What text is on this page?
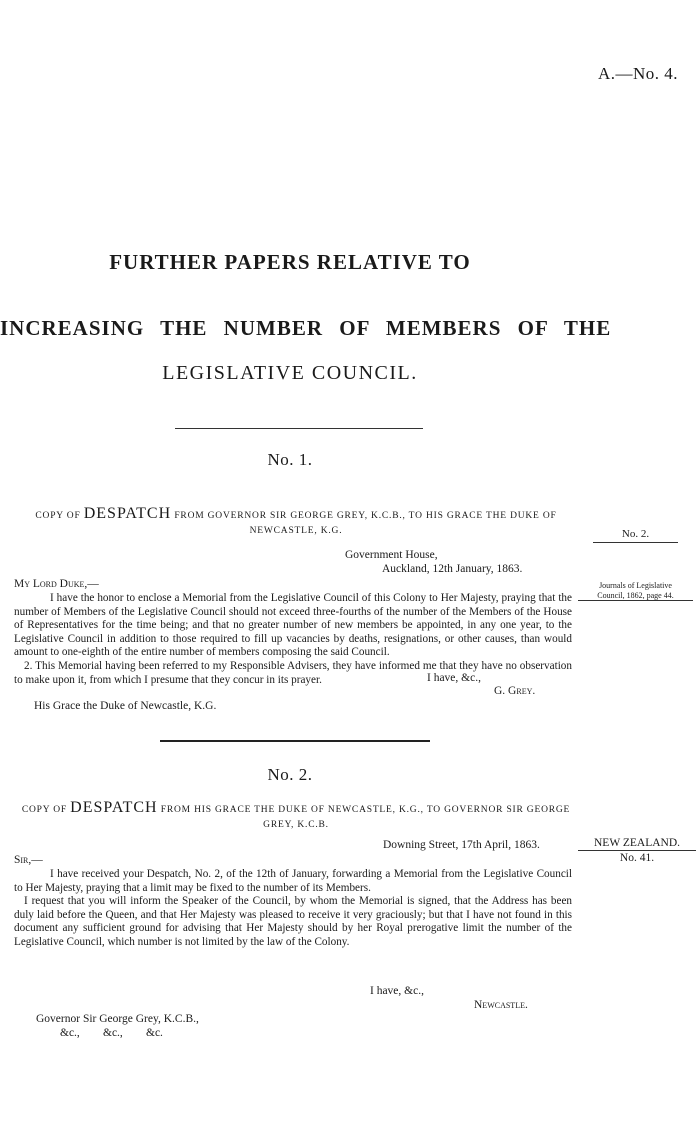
A.—No. 4.
FURTHER PAPERS RELATIVE TO
INCREASING THE NUMBER OF MEMBERS OF THE
LEGISLATIVE COUNCIL.
No. 1.
COPY OF DESPATCH FROM GOVERNOR SIR GEORGE GREY, K.C.B., TO HIS GRACE THE DUKE OF NEWCASTLE, K.G.	No. 2.
Journals of Legislative
Council, 1862, page 44.
Government House,
Auckland, 12th January, 1863.
My Lord Duke,—

I have the honor to enclose a Memorial from the Legislative Council of this Colony to Her Majesty, praying that the number of Members of the Legislative Council should not exceed three-fourths of the number of the Members of the House of Representatives for the time being; and that no greater number of new members be appointed, in any one year, to the Legislative Council in addition to those required to fill up vacancies by deaths, resignations, or other causes, than would amount to one-eighth of the entire number of members composing the said Council.

2. This Memorial having been referred to my Responsible Advisers, they have informed me that they have no observation to make upon it, from which I presume that they concur in its prayer.	I have, &c.,
G. Grey.
His Grace the Duke of Newcastle, K.G.
No. 2.
COPY OF DESPATCH FROM HIS GRACE THE DUKE OF NEWCASTLE, K.G., TO GOVERNOR SIR GEORGE GREY, K.C.B.
NEW ZEALAND.
No. 41.
Downing Street, 17th April, 1863.
Sir,—

I have received your Despatch, No. 2, of the 12th of January, forwarding a Memorial from the Legislative Council to Her Majesty, praying that a limit may be fixed to the number of its Members.

I request that you will inform the Speaker of the Council, by whom the Memorial is signed, that the Address has been duly laid before the Queen, and that Her Majesty was pleased to receive it very graciously; but that I have not found in this document any sufficient ground for advising that Her Majesty should by her Royal prerogative limit the number of the Legislative Council, which number is not limited by the law of the Colony.

I have, &c.,
Newcastle.
Governor Sir George Grey, K.C.B.,
&c., &c., &c.
